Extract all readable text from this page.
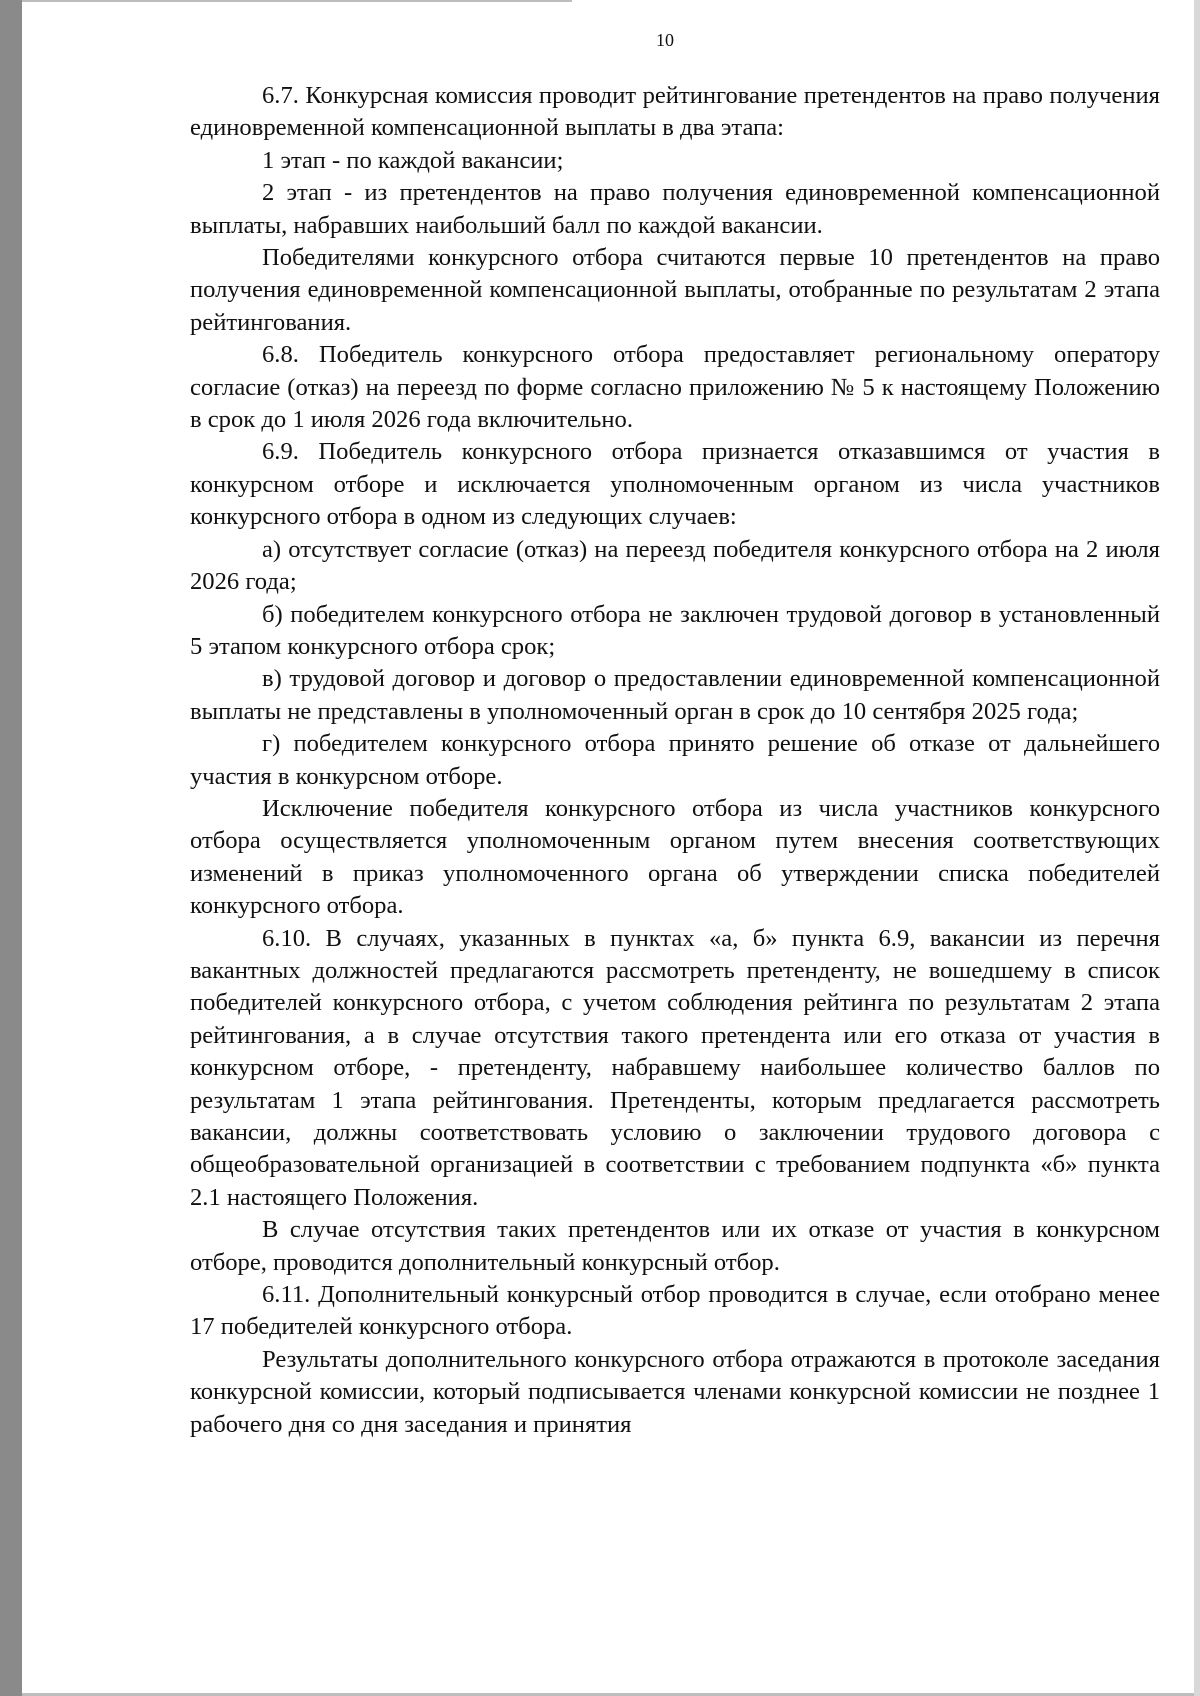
10

6.7. Конкурсная комиссия проводит рейтингование претендентов на право получения единовременной компенсационной выплаты в два этапа:

1 этап - по каждой вакансии;

2 этап - из претендентов на право получения единовременной компенсационной выплаты, набравших наибольший балл по каждой вакансии.

Победителями конкурсного отбора считаются первые 10 претендентов на право получения единовременной компенсационной выплаты, отобранные по результатам 2 этапа рейтингования.

6.8. Победитель конкурсного отбора предоставляет региональному оператору согласие (отказ) на переезд по форме согласно приложению № 5 к настоящему Положению в срок до 1 июля 2026 года включительно.

6.9. Победитель конкурсного отбора признается отказавшимся от участия в конкурсном отборе и исключается уполномоченным органом из числа участников конкурсного отбора в одном из следующих случаев:

а) отсутствует согласие (отказ) на переезд победителя конкурсного отбора на 2 июля 2026 года;

б) победителем конкурсного отбора не заключен трудовой договор в установленный 5 этапом конкурсного отбора срок;

в) трудовой договор и договор о предоставлении единовременной компенсационной выплаты не представлены в уполномоченный орган в срок до 10 сентября 2025 года;

г) победителем конкурсного отбора принято решение об отказе от дальнейшего участия в конкурсном отборе.

Исключение победителя конкурсного отбора из числа участников конкурсного отбора осуществляется уполномоченным органом путем внесения соответствующих изменений в приказ уполномоченного органа об утверждении списка победителей конкурсного отбора.

6.10. В случаях, указанных в пунктах «а, б» пункта 6.9, вакансии из перечня вакантных должностей предлагаются рассмотреть претенденту, не вошедшему в список победителей конкурсного отбора, с учетом соблюдения рейтинга по результатам 2 этапа рейтингования, а в случае отсутствия такого претендента или его отказа от участия в конкурсном отборе, - претенденту, набравшему наибольшее количество баллов по результатам 1 этапа рейтингования. Претенденты, которым предлагается рассмотреть вакансии, должны соответствовать условию о заключении трудового договора с общеобразовательной организацией в соответствии с требованием подпункта «б» пункта 2.1 настоящего Положения.

В случае отсутствия таких претендентов или их отказе от участия в конкурсном отборе, проводится дополнительный конкурсный отбор.

6.11. Дополнительный конкурсный отбор проводится в случае, если отобрано менее 17 победителей конкурсного отбора.

Результаты дополнительного конкурсного отбора отражаются в протоколе заседания конкурсной комиссии, который подписывается членами конкурсной комиссии не позднее 1 рабочего дня со дня заседания и принятия
